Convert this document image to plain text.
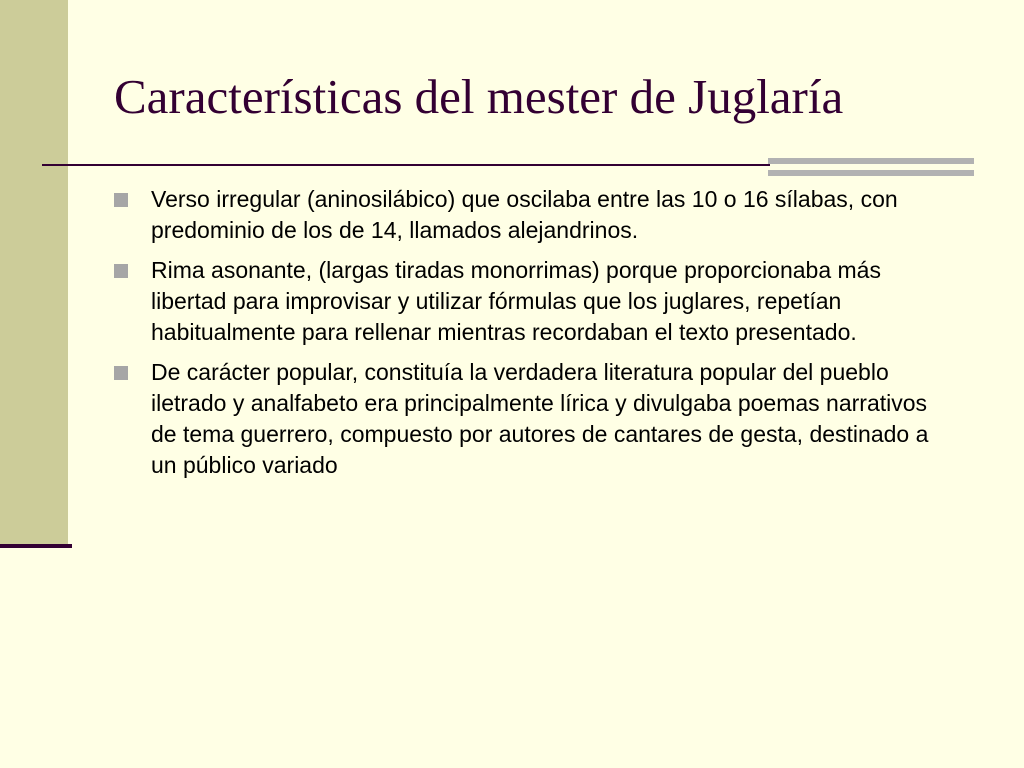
Características del mester de Juglaría
Verso irregular (aninosilábico) que oscilaba entre las 10 o 16 sílabas, con predominio de los de 14, llamados alejandrinos.
Rima asonante, (largas tiradas monorrimas) porque proporcionaba más libertad para improvisar y utilizar fórmulas que los juglares, repetían habitualmente para rellenar mientras recordaban el texto presentado.
De carácter popular, constituía la verdadera literatura popular del pueblo iletrado y analfabeto era principalmente lírica y divulgaba poemas narrativos de tema guerrero, compuesto por autores de cantares de gesta, destinado a un público variado
